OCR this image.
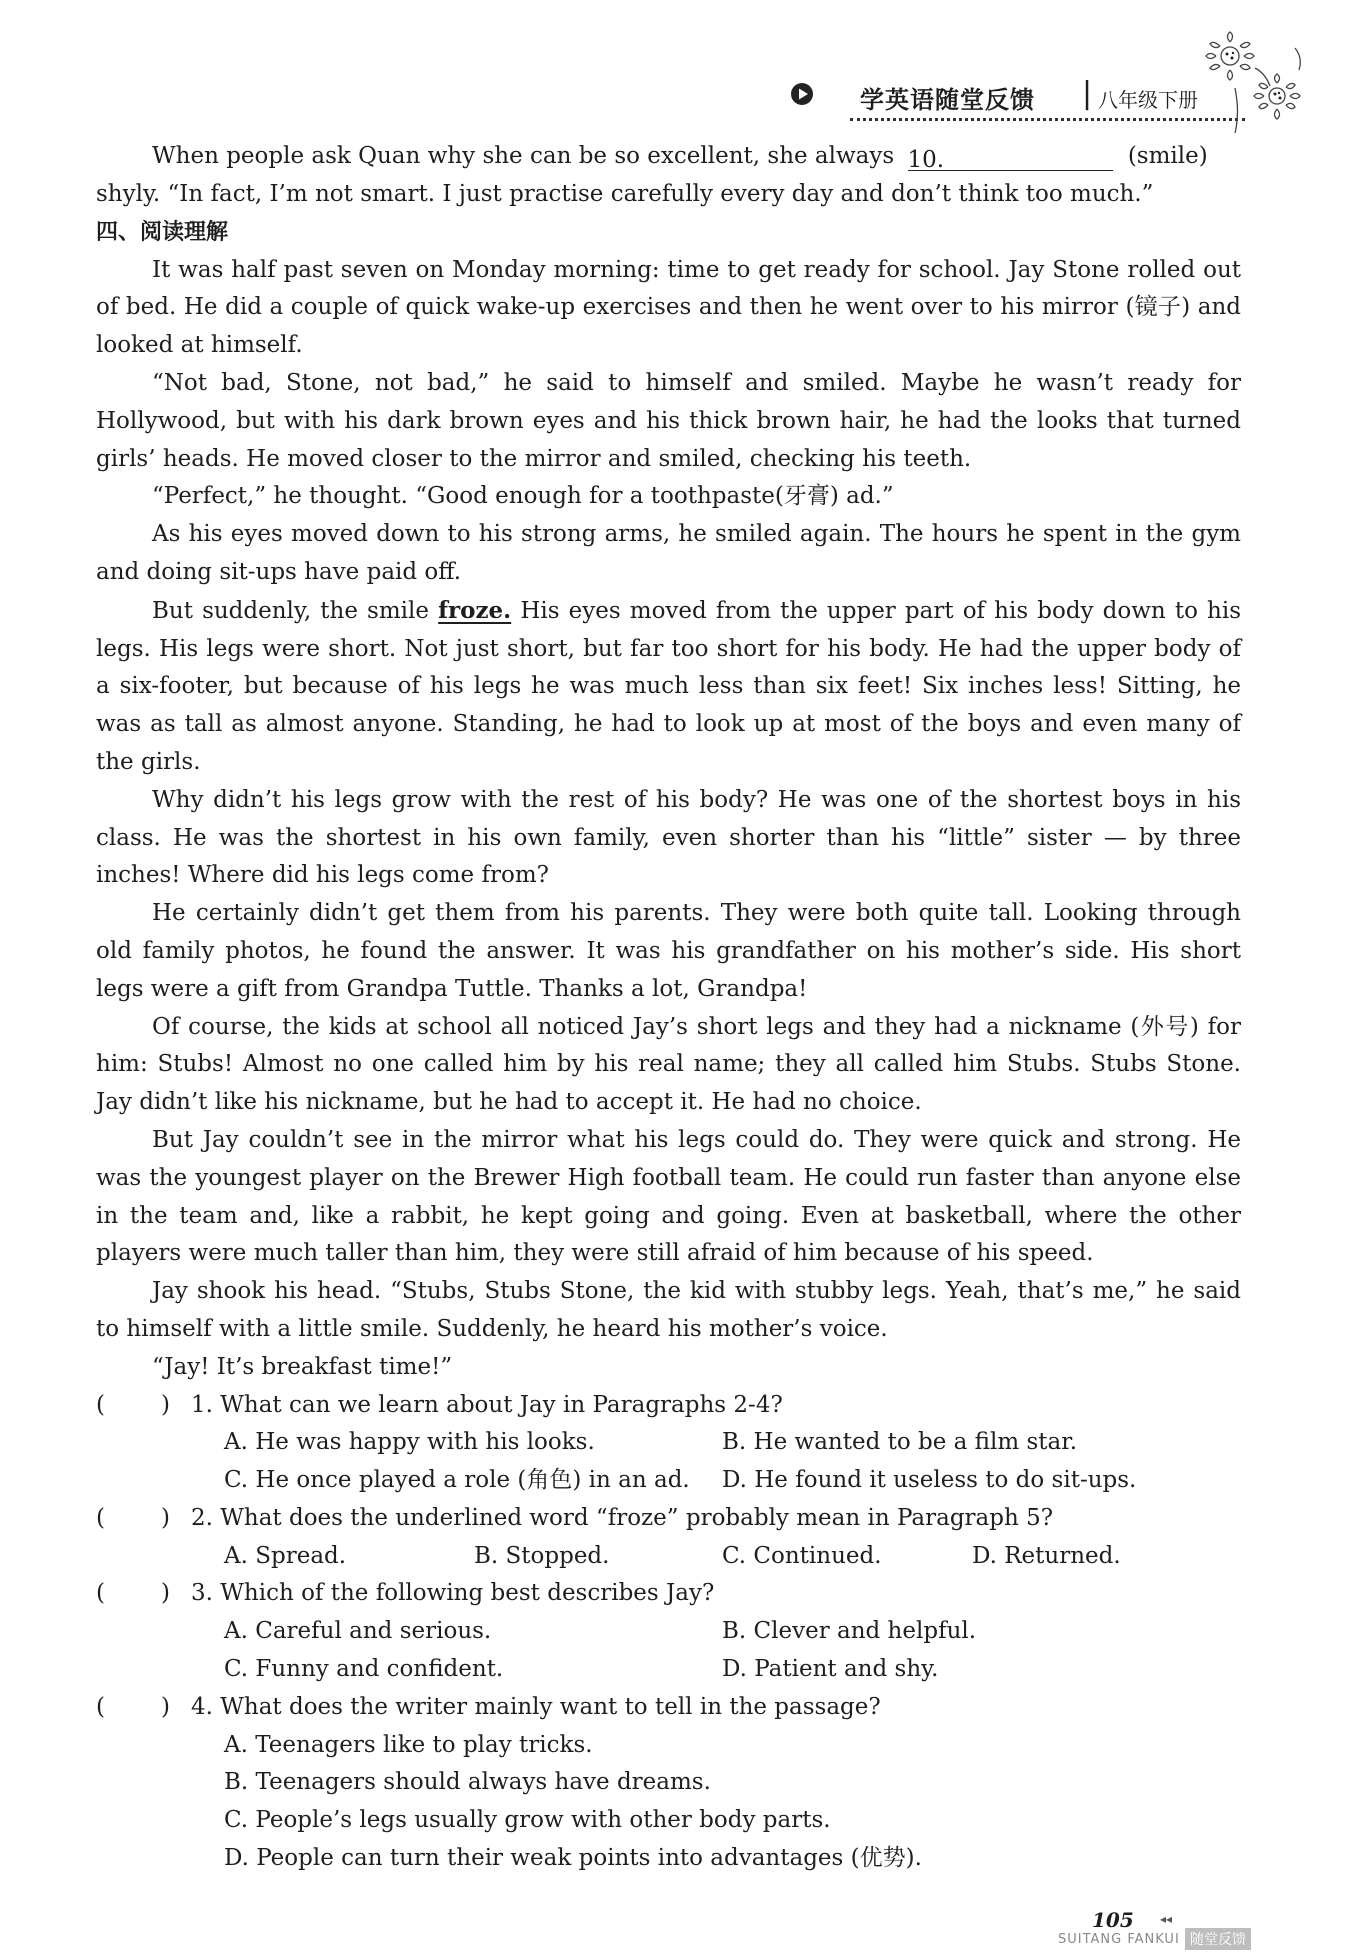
学英语随堂反馈 | 八年级下册

When people ask Quan why she can be so excellent, she always 10.	(smile)

shyly. “In fact, I’m not smart. I just practise carefully every day and don’t think too much.”

四、阅读理解

It was half past seven on Monday morning: time to get ready for school. Jay Stone rolled out of bed. He did a couple of quick wake-up exercises and then he went over to his mirror (镜子) and looked at himself.

“Not bad, Stone, not bad,” he said to himself and smiled. Maybe he wasn’t ready for Hollywood, but with his dark brown eyes and his thick brown hair, he had the looks that turned girls’ heads. He moved closer to the mirror and smiled, checking his teeth.

“Perfect,” he thought. “Good enough for a toothpaste(牙膏) ad.”

As his eyes moved down to his strong arms, he smiled again. The hours he spent in the gym and doing sit-ups have paid off.

But suddenly, the smile froze. His eyes moved from the upper part of his body down to his legs. His legs were short. Not just short, but far too short for his body. He had the upper body of a six-footer, but because of his legs he was much less than six feet! Six inches less! Sitting, he was as tall as almost anyone. Standing, he had to look up at most of the boys and even many of the girls.

Why didn’t his legs grow with the rest of his body? He was one of the shortest boys in his class. He was the shortest in his own family, even shorter than his “little” sister — by three inches! Where did his legs come from?

He certainly didn’t get them from his parents. They were both quite tall. Looking through old family photos, he found the answer. It was his grandfather on his mother’s side. His short legs were a gift from Grandpa Tuttle. Thanks a lot, Grandpa!

Of course, the kids at school all noticed Jay’s short legs and they had a nickname (外号) for him: Stubs! Almost no one called him by his real name; they all called him Stubs. Stubs Stone. Jay didn’t like his nickname, but he had to accept it. He had no choice.

But Jay couldn’t see in the mirror what his legs could do. They were quick and strong. He was the youngest player on the Brewer High football team. He could run faster than anyone else in the team and, like a rabbit, he kept going and going. Even at basketball, where the other players were much taller than him, they were still afraid of him because of his speed.

Jay shook his head. “Stubs, Stubs Stone, the kid with stubby legs. Yeah, that’s me,” he said to himself with a little smile. Suddenly, he heard his mother’s voice.

“Jay! It’s breakfast time!”

( ) 1. What can we learn about Jay in Paragraphs 2-4?
A. He was happy with his looks.	B. He wanted to be a film star.
C. He once played a role (角色) in an ad. D. He found it useless to do sit-ups.
( ) 2. What does the underlined word “froze” probably mean in Paragraph 5?
A. Spread.	B. Stopped.	C. Continued.	D. Returned.
( ) 3. Which of the following best describes Jay?
A. Careful and serious.	B. Clever and helpful.
C. Funny and confident.	D. Patient and shy.
( ) 4. What does the writer mainly want to tell in the passage?

A. Teenagers like to play tricks.

B. Teenagers should always have dreams.

C. People’s legs usually grow with other body parts.

D. People can turn their weak points into advantages (优势).

105 ◂◂
SUITANG FANKUI 随堂反馈
